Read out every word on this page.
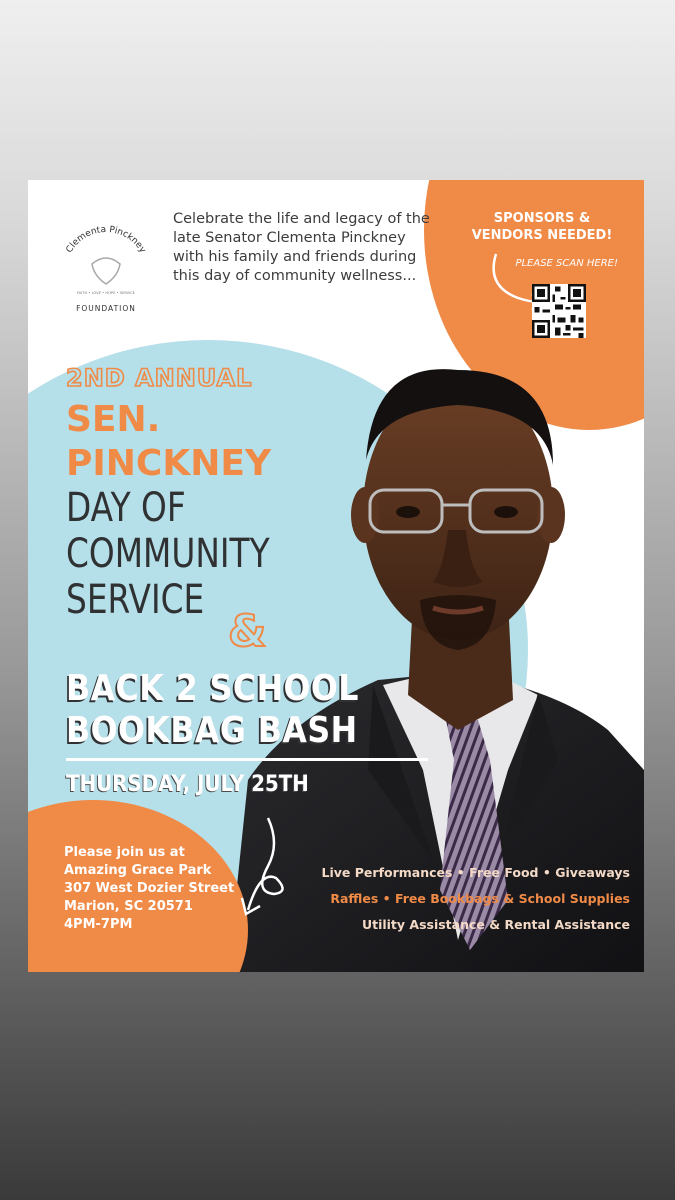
Clementa Pinckney
FAITH • LOVE • HOPE • SERVICE
FOUNDATION
Celebrate the life and legacy of the
late Senator Clementa Pinckney
with his family and friends during
this day of community wellness...
SPONSORS &
VENDORS NEEDED!
PLEASE SCAN HERE!
2ND ANNUAL
SEN.
PINCKNEY
DAY OF
COMMUNITY
SERVICE
&
BACK 2 SCHOOL
BOOKBAG BASH
THURSDAY, JULY 25TH
Please join us at
Amazing Grace Park
307 West Dozier Street
Marion, SC 20571
4PM-7PM
Live Performances • Free Food • Giveaways
Raffles • Free Bookbags & School Supplies
Utility Assistance & Rental Assistance
